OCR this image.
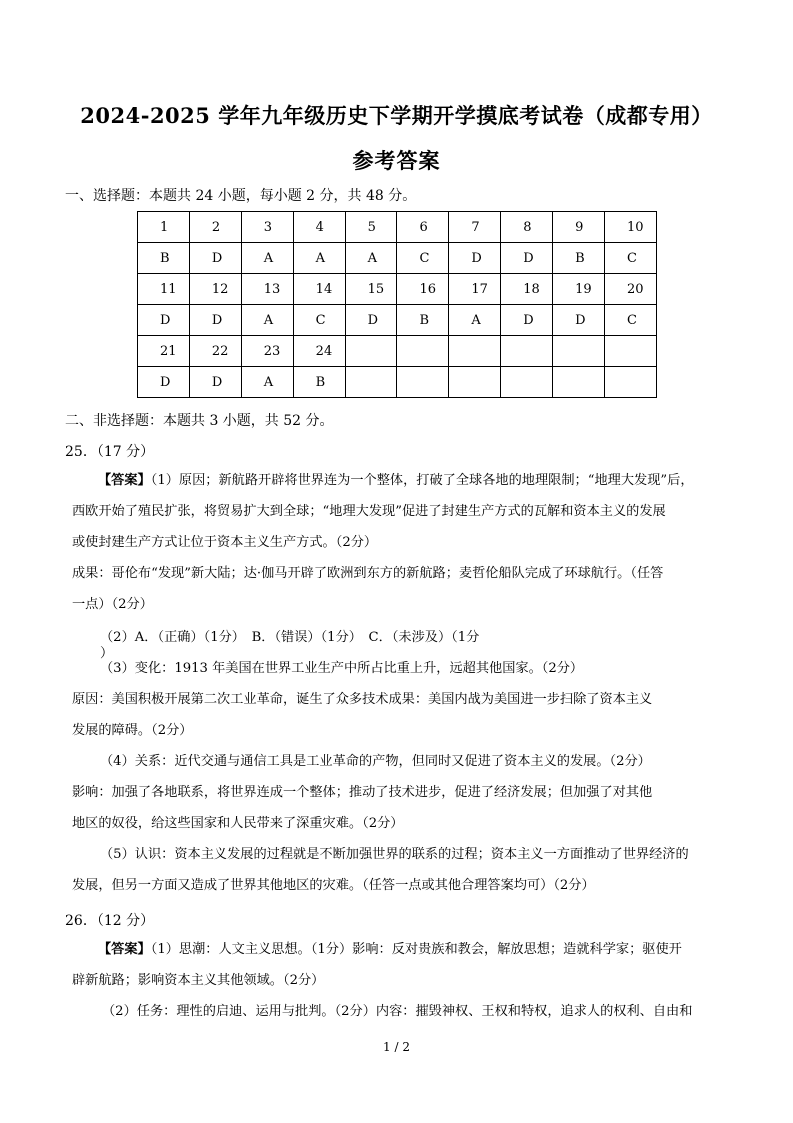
2024-2025 学年九年级历史下学期开学摸底考试卷（成都专用）
参考答案
一、选择题：本题共 24 小题，每小题 2 分，共 48 分。
1	2	3	4	5	6	7	8	9	10
B	D	A	A	A	C	D	D	B	C
11	12	13	14	15	16	17	18	19	20
D	D	A	C	D	B	A	D	D	C
21	22	23	24						
D	D	A	B						
二、非选择题：本题共 3 小题，共 52 分。
25．（17 分）
【答案】（1）原因；新航路开辟将世界连为一个整体，打破了全球各地的地理限制；“地理大发现”后，
西欧开始了殖民扩张，将贸易扩大到全球；“地理大发现”促进了封建生产方式的瓦解和资本主义的发展
或使封建生产方式让位于资本主义生产方式。（2分）
成果：哥伦布“发现”新大陆；达·伽马开辟了欧洲到东方的新航路；麦哲伦船队完成了环球航行。（任答
一点）（2分）
（2）A．（正确）（1分）　B．（错误）（1分）　C．（未涉及）（1分
）
（3）变化：1913 年美国在世界工业生产中所占比重上升，远超其他国家。（2分）
原因：美国积极开展第二次工业革命，诞生了众多技术成果：美国内战为美国进一步扫除了资本主义
发展的障碍。（2分）
（4）关系：近代交通与通信工具是工业革命的产物，但同时又促进了资本主义的发展。（2分）
影响：加强了各地联系，将世界连成一个整体；推动了技术进步，促进了经济发展；但加强了对其他
地区的奴役，给这些国家和人民带来了深重灾难。（2分）
（5）认识：资本主义发展的过程就是不断加强世界的联系的过程；资本主义一方面推动了世界经济的
发展，但另一方面又造成了世界其他地区的灾难。（任答一点或其他合理答案均可）（2分）
26．（12 分）
【答案】（1）思潮：人文主义思想。（1分）影响：反对贵族和教会，解放思想；造就科学家；驱使开
辟新航路；影响资本主义其他领域。（2分）
（2）任务：理性的启迪、运用与批判。（2分）内容：摧毁神权、王权和特权，追求人的权利、自由和
1 / 2
